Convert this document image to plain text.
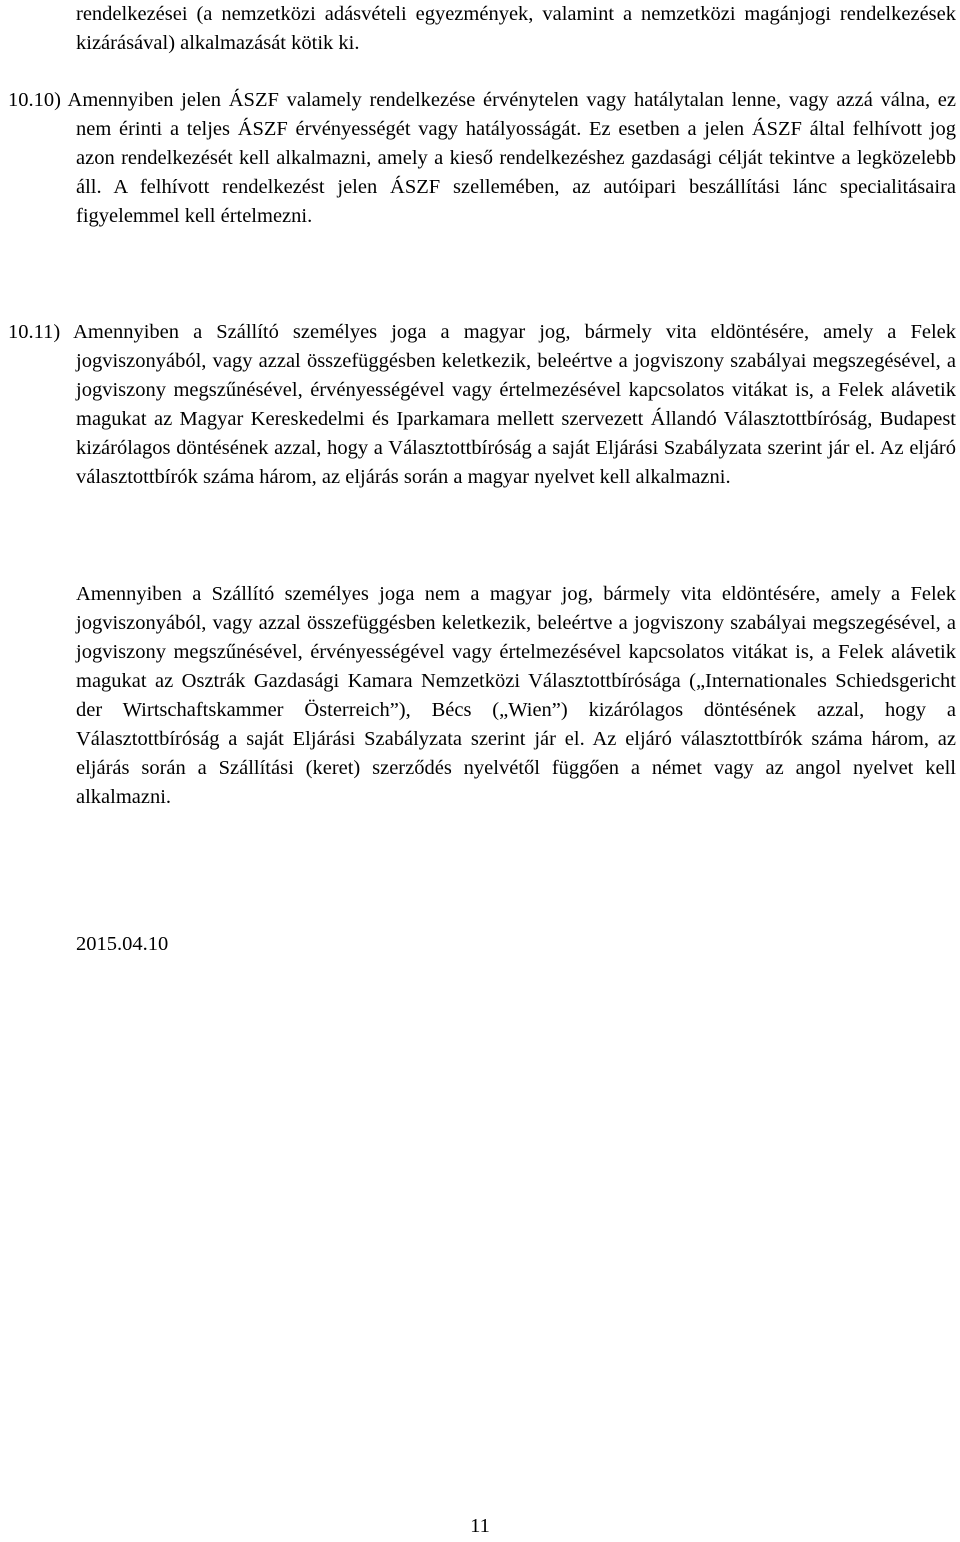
rendelkezései (a nemzetközi adásvételi egyezmények, valamint a nemzetközi magánjogi rendelkezések kizárásával) alkalmazását kötik ki.

10.10) Amennyiben jelen ÁSZF valamely rendelkezése érvénytelen vagy hatálytalan lenne, vagy azzá válna, ez nem érinti a teljes ÁSZF érvényességét vagy hatályosságát. Ez esetben a jelen ÁSZF által felhívott jog azon rendelkezését kell alkalmazni, amely a kieső rendelkezéshez gazdasági célját tekintve a legközelebb áll. A felhívott rendelkezést jelen ÁSZF szellemében, az autóipari beszállítási lánc specialitásaira figyelemmel kell értelmezni.

10.11) Amennyiben a Szállító személyes joga a magyar jog, bármely vita eldöntésére, amely a Felek jogviszonyából, vagy azzal összefüggésben keletkezik, beleértve a jogviszony szabályai megszegésével, a jogviszony megszűnésével, érvényességével vagy értelmezésével kapcsolatos vitákat is, a Felek alávetik magukat az Magyar Kereskedelmi és Iparkamara mellett szervezett Állandó Választottbíróság, Budapest kizárólagos döntésének azzal, hogy a Választottbíróság a saját Eljárási Szabályzata szerint jár el. Az eljáró választottbírók száma három, az eljárás során a magyar nyelvet kell alkalmazni.

Amennyiben a Szállító személyes joga nem a magyar jog, bármely vita eldöntésére, amely a Felek jogviszonyából, vagy azzal összefüggésben keletkezik, beleértve a jogviszony szabályai megszegésével, a jogviszony megszűnésével, érvényességével vagy értelmezésével kapcsolatos vitákat is, a Felek alávetik magukat az Osztrák Gazdasági Kamara Nemzetközi Választottbírósága („Internationales Schiedsgericht der Wirtschaftskammer Österreich”), Bécs („Wien”) kizárólagos döntésének azzal, hogy a Választottbíróság a saját Eljárási Szabályzata szerint jár el. Az eljáró választottbírók száma három, az eljárás során a Szállítási (keret) szerződés nyelvétől függően a német vagy az angol nyelvet kell alkalmazni.

2015.04.10

11
